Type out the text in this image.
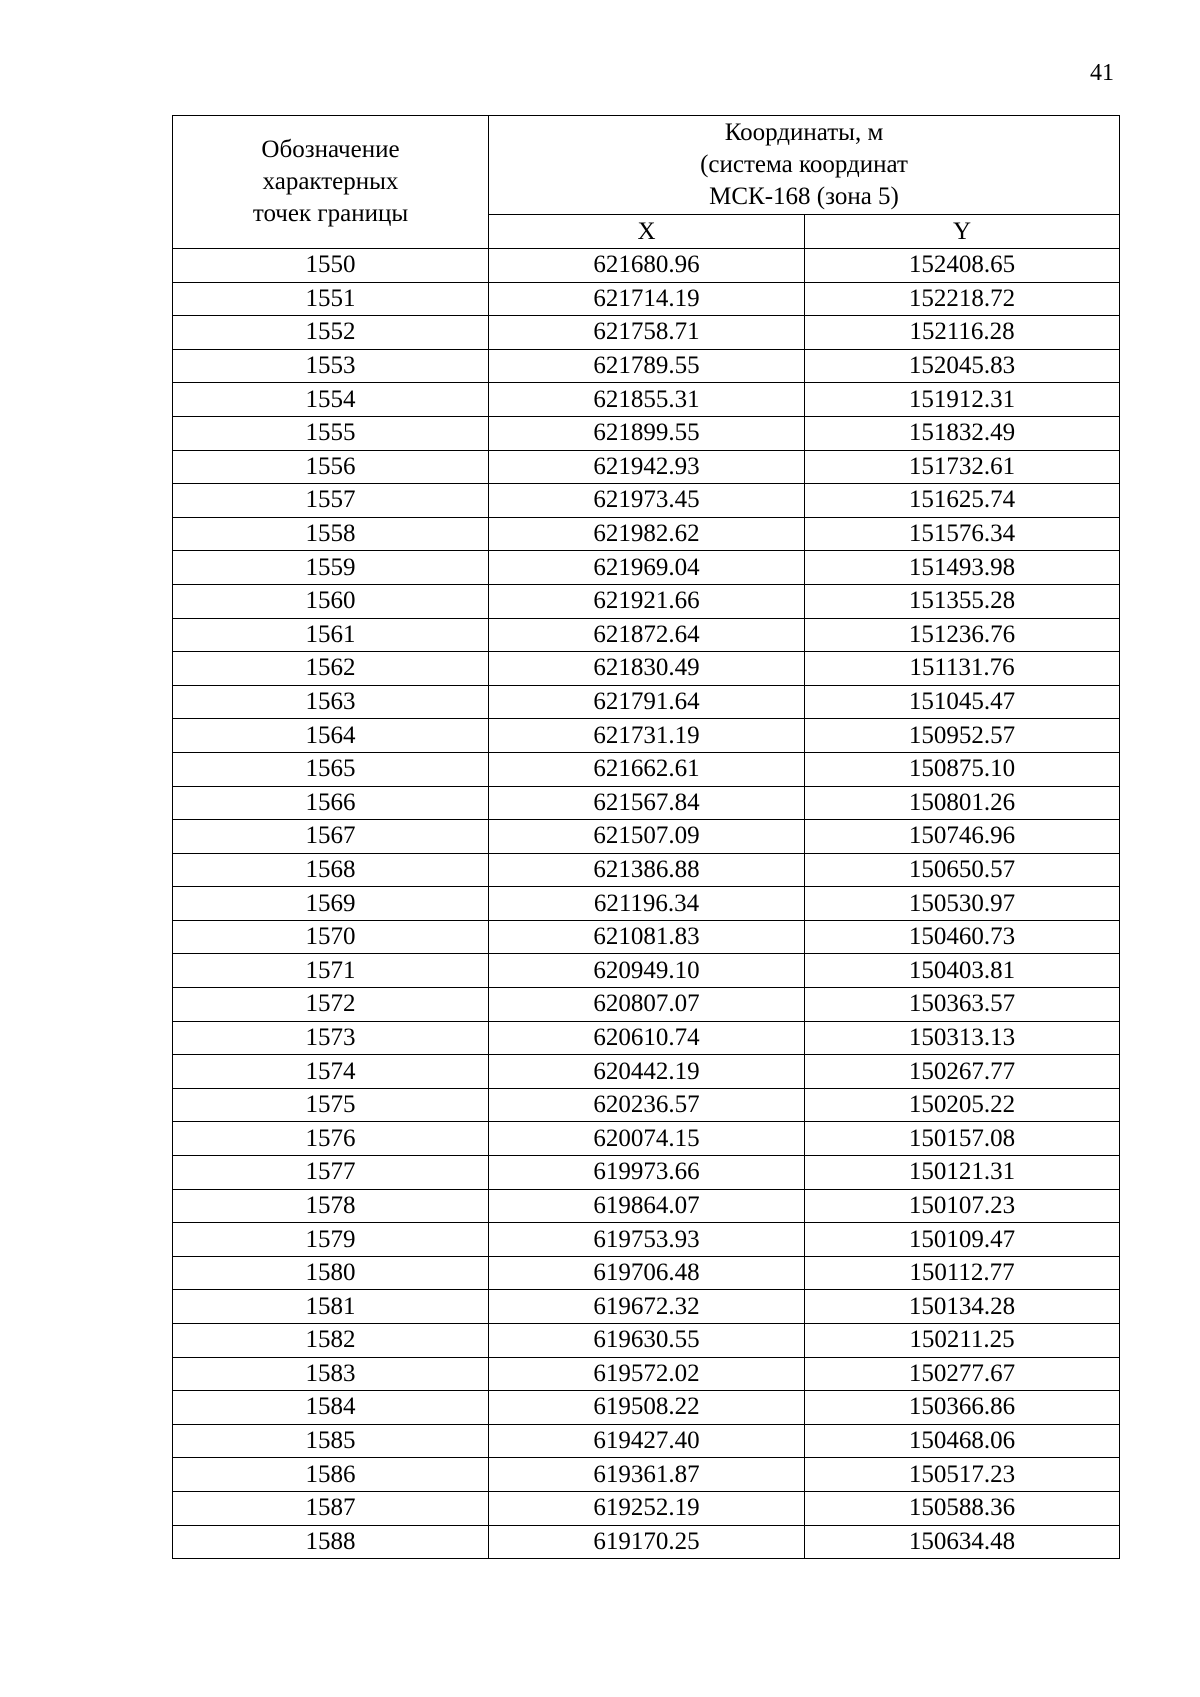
41
Обозначение
характерных
точек границы	Координаты, м
(система координат
МСК-168 (зона 5)	

	X	Y
1550	621680.96	152408.65
1551	621714.19	152218.72
1552	621758.71	152116.28
1553	621789.55	152045.83
1554	621855.31	151912.31
1555	621899.55	151832.49
1556	621942.93	151732.61
1557	621973.45	151625.74
1558	621982.62	151576.34
1559	621969.04	151493.98
1560	621921.66	151355.28
1561	621872.64	151236.76
1562	621830.49	151131.76
1563	621791.64	151045.47
1564	621731.19	150952.57
1565	621662.61	150875.10
1566	621567.84	150801.26
1567	621507.09	150746.96
1568	621386.88	150650.57
1569	621196.34	150530.97
1570	621081.83	150460.73
1571	620949.10	150403.81
1572	620807.07	150363.57
1573	620610.74	150313.13
1574	620442.19	150267.77
1575	620236.57	150205.22
1576	620074.15	150157.08
1577	619973.66	150121.31
1578	619864.07	150107.23
1579	619753.93	150109.47
1580	619706.48	150112.77
1581	619672.32	150134.28
1582	619630.55	150211.25
1583	619572.02	150277.67
1584	619508.22	150366.86
1585	619427.40	150468.06
1586	619361.87	150517.23
1587	619252.19	150588.36
1588	619170.25	150634.48
